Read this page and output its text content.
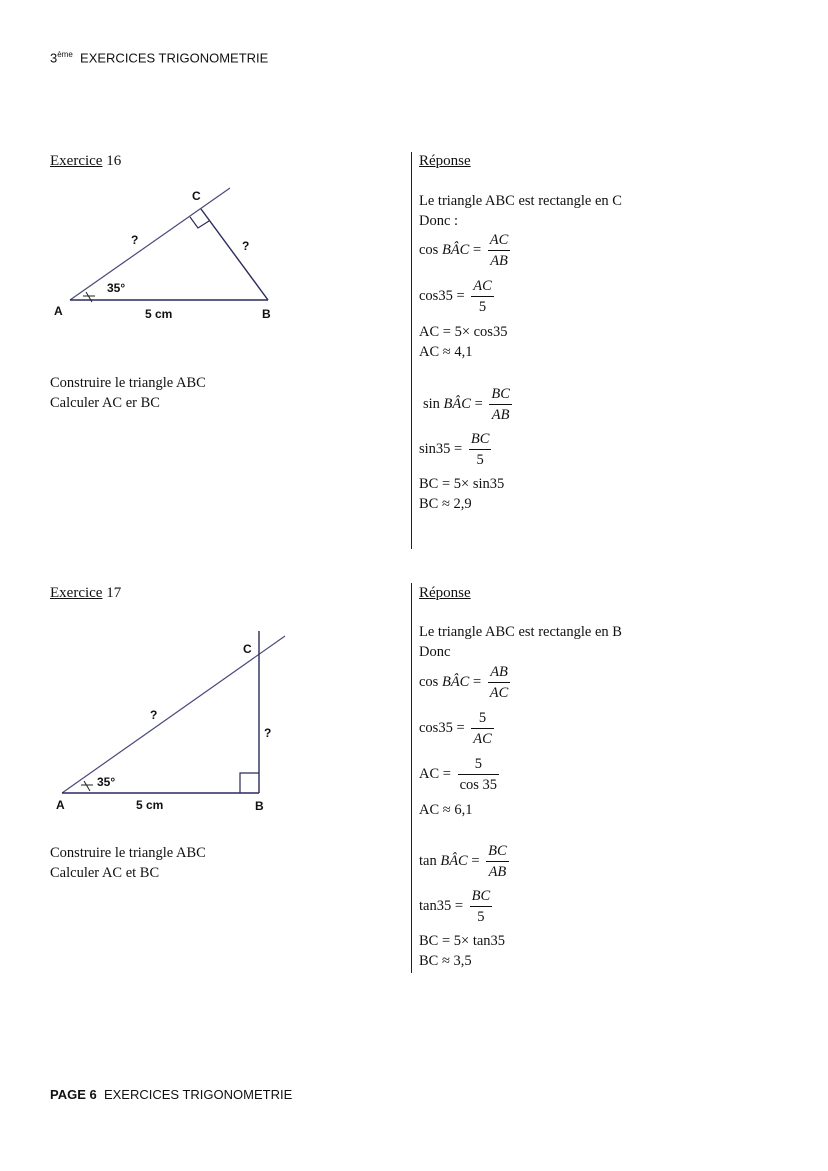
3ème EXERCICES TRIGONOMETRIE
Exercice 16
A	B
C
35°
5 cm
?	?
Construire le triangle ABC
Calculer AC er BC
Réponse
Le triangle ABC est rectangle en C
Donc :
cos BÂC = $\frac{AC}{AB}$
$\cos 35 = \frac{AC}{5}$
AC = 5× cos35
AC ≈ 4,1
sin BÂC = $\frac{BC}{AB}$
$\sin 35 = \frac{BC}{5}$
BC = 5× sin35
BC ≈ 2,9
Exercice 17
A	B
C
35°
5 cm
?
?
Construire le triangle ABC
Calculer AC et BC
Réponse
Le triangle ABC est rectangle en B
Donc
cos BÂC = $\frac{AB}{AC}$
$\cos 35 = \frac{5}{AC}$
AC = $\frac{5}{\cos 35}$
AC ≈ 6,1
tan BÂC = $\frac{BC}{AB}$
$\tan 35 = \frac{BC}{5}$
BC = 5× tan35
BC ≈ 3,5
PAGE 6 EXERCICES TRIGONOMETRIE
